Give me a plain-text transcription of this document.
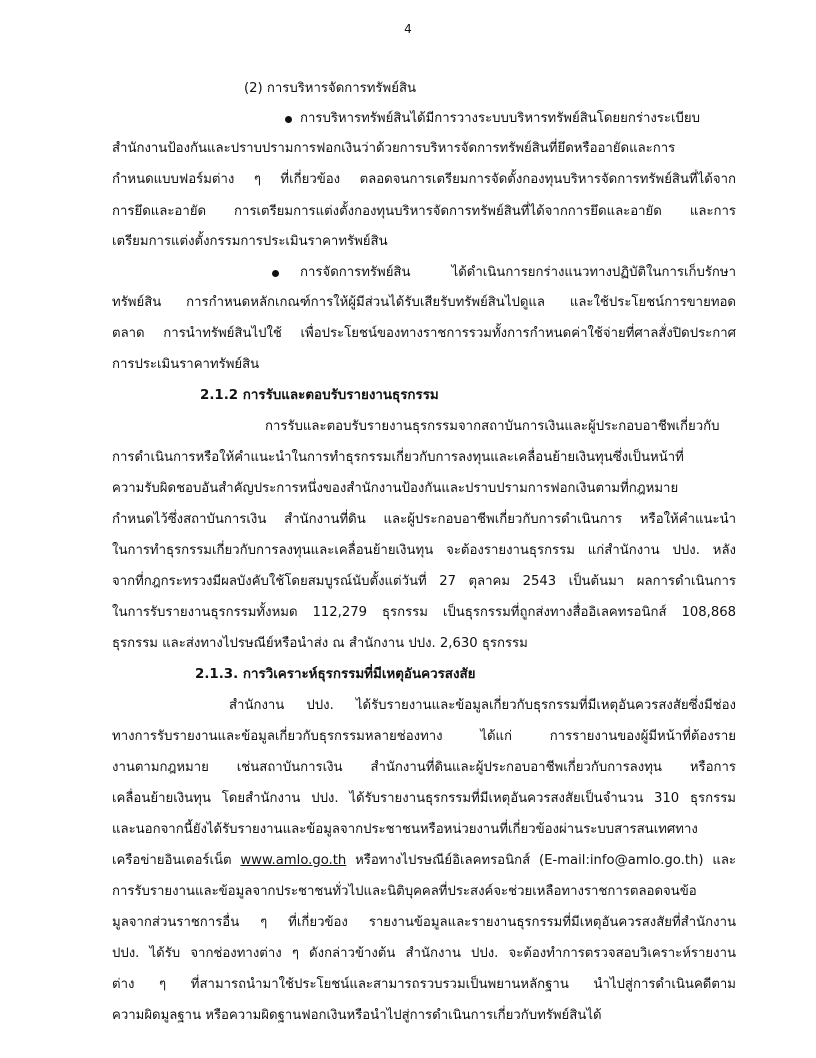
4
(2) การบริหารจัดการทรัพย์สิน
การบริหารทรัพย์สินได้มีการวางระบบบริหารทรัพย์สินโดยยกร่างระเบียบ
สำนักงานป้องกันและปราบปรามการฟอกเงินว่าด้วยการบริหารจัดการทรัพย์สินที่ยึดหรืออายัดและการ
กำหนดแบบฟอร์มต่าง ๆ ที่เกี่ยวข้อง ตลอดจนการเตรียมการจัดตั้งกองทุนบริหารจัดการทรัพย์สินที่ได้จาก
การยึดและอายัด การเตรียมการแต่งตั้งกองทุนบริหารจัดการทรัพย์สินที่ได้จากการยึดและอายัด และการ
เตรียมการแต่งตั้งกรรมการประเมินราคาทรัพย์สิน
การจัดการทรัพย์สิน ได้ดำเนินการยกร่างแนวทางปฏิบัติในการเก็บรักษา
ทรัพย์สิน การกำหนดหลักเกณฑ์การให้ผู้มีส่วนได้รับเสียรับทรัพย์สินไปดูแล และใช้ประโยชน์การขายทอด
ตลาด การนำทรัพย์สินไปใช้ เพื่อประโยชน์ของทางราชการรวมทั้งการกำหนดค่าใช้จ่ายที่ศาลสั่งปิดประกาศ
การประเมินราคาทรัพย์สิน
2.1.2 การรับและตอบรับรายงานธุรกรรม
การรับและตอบรับรายงานธุรกรรมจากสถาบันการเงินและผู้ประกอบอาชีพเกี่ยวกับ
การดำเนินการหรือให้คำแนะนำในการทำธุรกรรมเกี่ยวกับการลงทุนและเคลื่อนย้ายเงินทุนซึ่งเป็นหน้าที่
ความรับผิดชอบอันสำคัญประการหนึ่งของสำนักงานป้องกันและปราบปรามการฟอกเงินตามที่กฎหมาย
กำหนดไว้ซึ่งสถาบันการเงิน สำนักงานที่ดิน และผู้ประกอบอาชีพเกี่ยวกับการดำเนินการ หรือให้คำแนะนำ
ในการทำธุรกรรมเกี่ยวกับการลงทุนและเคลื่อนย้ายเงินทุน จะต้องรายงานธุรกรรม แก่สำนักงาน ปปง. หลัง
จากที่กฎกระทรวงมีผลบังคับใช้โดยสมบูรณ์นับตั้งแต่วันที่ 27 ตุลาคม 2543 เป็นต้นมา ผลการดำเนินการ
ในการรับรายงานธุรกรรมทั้งหมด 112,279 ธุรกรรม เป็นธุรกรรมที่ถูกส่งทางสื่ออิเลคทรอนิกส์ 108,868
ธุรกรรม และส่งทางไปรษณีย์หรือนำส่ง ณ สำนักงาน ปปง. 2,630 ธุรกรรม
2.1.3. การวิเคราะห์ธุรกรรมที่มีเหตุอันควรสงสัย
สำนักงาน ปปง. ได้รับรายงานและข้อมูลเกี่ยวกับธุรกรรมที่มีเหตุอันควรสงสัยซึ่งมีช่อง
ทางการรับรายงานและข้อมูลเกี่ยวกับธุรกรรมหลายช่องทาง ได้แก่ การรายงานของผู้มีหน้าที่ต้องราย
งานตามกฎหมาย เช่นสถาบันการเงิน สำนักงานที่ดินและผู้ประกอบอาชีพเกี่ยวกับการลงทุน หรือการ
เคลื่อนย้ายเงินทุน โดยสำนักงาน ปปง. ได้รับรายงานธุรกรรมที่มีเหตุอันควรสงสัยเป็นจำนวน 310 ธุรกรรม
และนอกจากนี้ยังได้รับรายงานและข้อมูลจากประชาชนหรือหน่วยงานที่เกี่ยวข้องผ่านระบบสารสนเทศทาง
เครือข่ายอินเตอร์เน็ต www.amlo.go.th หรือทางไปรษณีย์อิเลคทรอนิกส์ (E-mail:info@amlo.go.th) และ
การรับรายงานและข้อมูลจากประชาชนทั่วไปและนิติบุคคลที่ประสงค์จะช่วยเหลือทางราชการตลอดจนข้อ
มูลจากส่วนราชการอื่น ๆ ที่เกี่ยวข้อง รายงานข้อมูลและรายงานธุรกรรมที่มีเหตุอันควรสงสัยที่สำนักงาน
ปปง. ได้รับ จากช่องทางต่าง ๆ ดังกล่าวข้างต้น สำนักงาน ปปง. จะต้องทำการตรวจสอบวิเคราะห์รายงาน
ต่าง ๆ ที่สามารถนำมาใช้ประโยชน์และสามารถรวบรวมเป็นพยานหลักฐาน นำไปสู่การดำเนินคดีตาม
ความผิดมูลฐาน หรือความผิดฐานฟอกเงินหรือนำไปสู่การดำเนินการเกี่ยวกับทรัพย์สินได้
